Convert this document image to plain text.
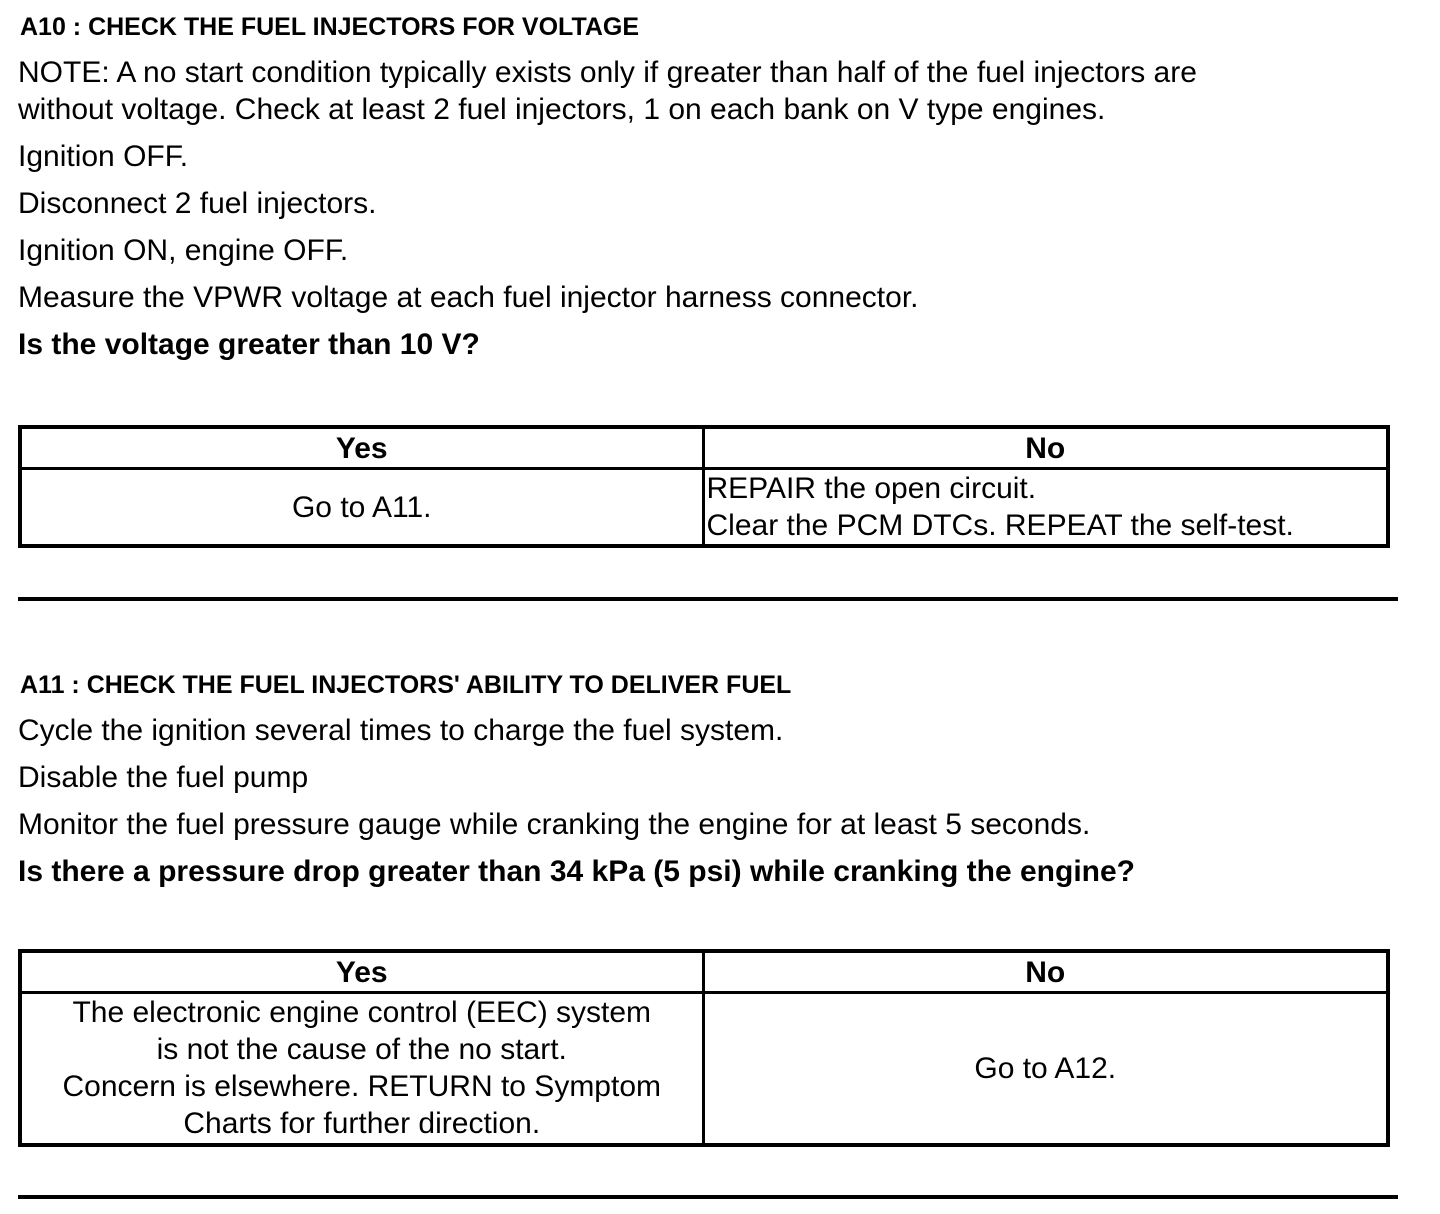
A10 : CHECK THE FUEL INJECTORS FOR VOLTAGE

NOTE: A no start condition typically exists only if greater than half of the fuel injectors are

without voltage. Check at least 2 fuel injectors, 1 on each bank on V type engines.

Ignition OFF.

Disconnect 2 fuel injectors.

Ignition ON, engine OFF.

Measure the VPWR voltage at each fuel injector harness connector.

Is the voltage greater than 10 V?

Yes	No

Go to A11.	REPAIR the open circuit.
Clear the PCM DTCs. REPEAT the self-test.
A11 : CHECK THE FUEL INJECTORS' ABILITY TO DELIVER FUEL

Cycle the ignition several times to charge the fuel system.

Disable the fuel pump

Monitor the fuel pressure gauge while cranking the engine for at least 5 seconds.

Is there a pressure drop greater than 34 kPa (5 psi) while cranking the engine?

Yes	No

The electronic engine control (EEC) system
is not the cause of the no start.
Concern is elsewhere. RETURN to Symptom
Charts for further direction.	Go to A12.
